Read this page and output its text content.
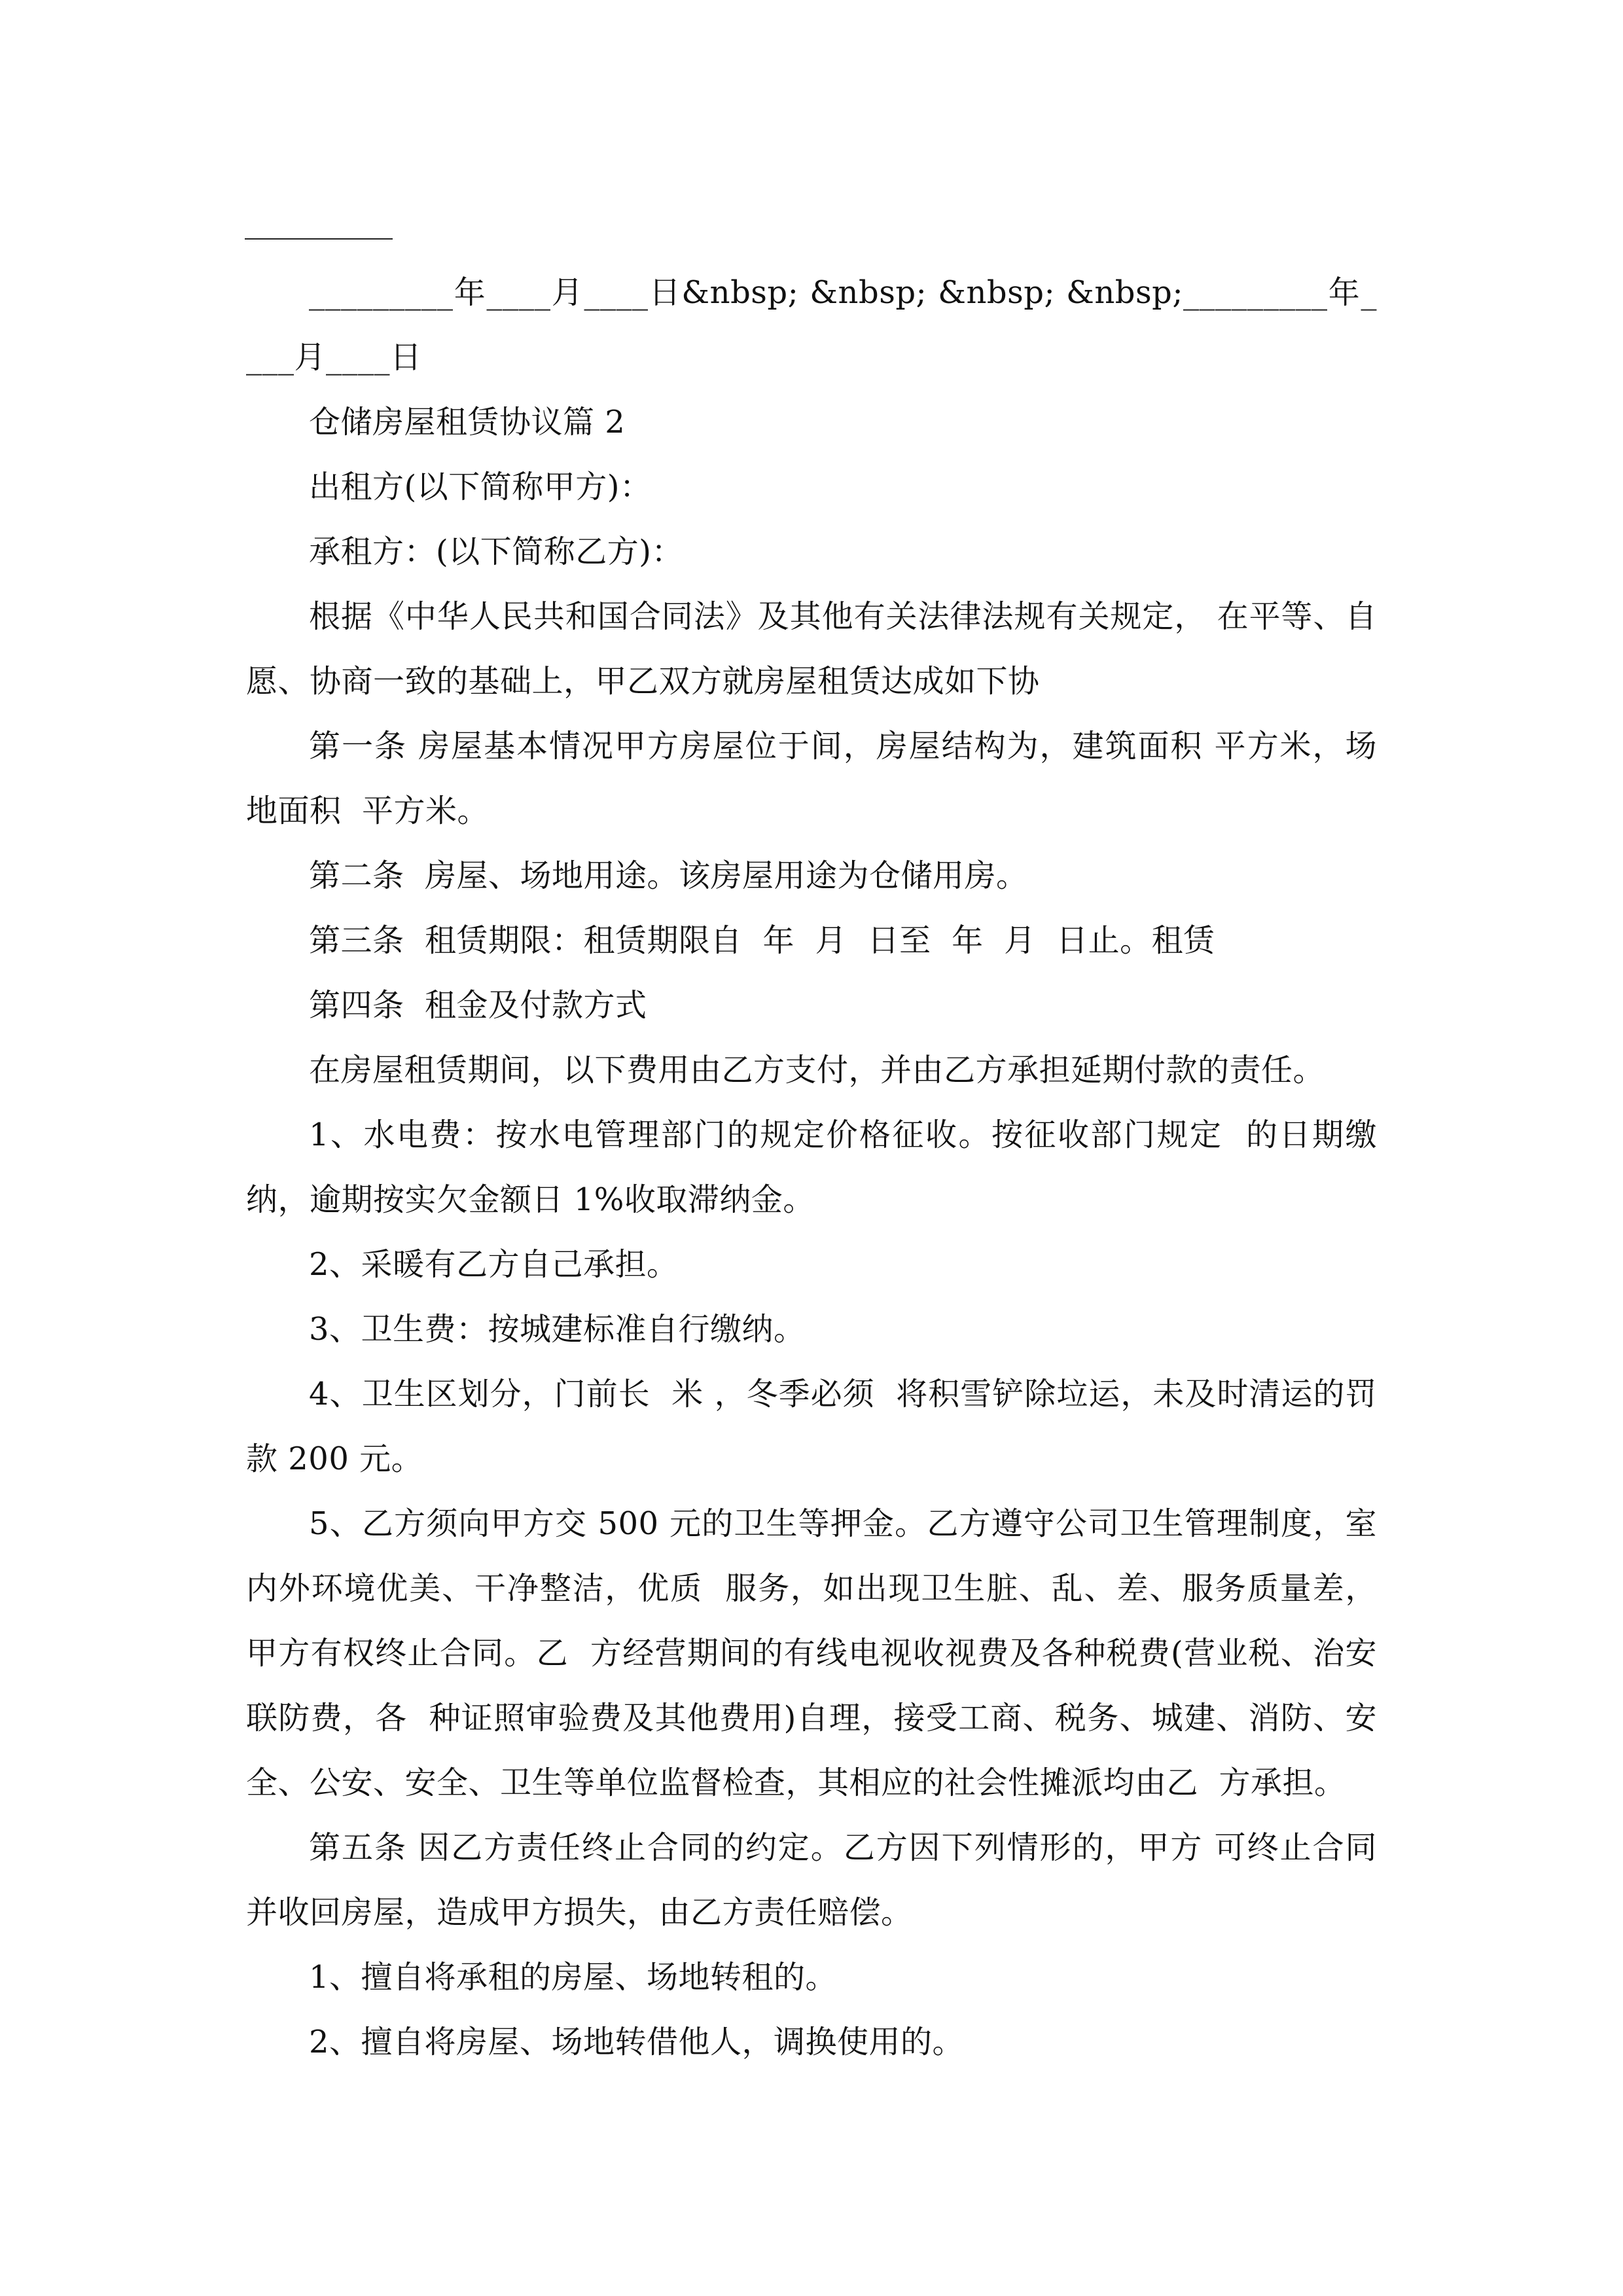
_________年____月____日&nbsp; &nbsp; &nbsp; &nbsp;_________年____月____日

仓储房屋租赁协议篇 2

出租方(以下简称甲方)：

承租方：(以下简称乙方)：

根据《中华人民共和国合同法》及其他有关法律法规有关规定， 在平等、自愿、协商一致的基础上，甲乙双方就房屋租赁达成如下协

第一条 房屋基本情况甲方房屋位于间，房屋结构为，建筑面积 平方米，场地面积  平方米。

第二条  房屋、场地用途。该房屋用途为仓储用房。

第三条  租赁期限：租赁期限自  年  月  日至  年  月  日止。租赁

第四条  租金及付款方式

在房屋租赁期间，以下费用由乙方支付，并由乙方承担延期付款的责任。

1、水电费：按水电管理部门的规定价格征收。按征收部门规定  的日期缴纳，逾期按实欠金额日 1%收取滞纳金。

2、采暖有乙方自己承担。

3、卫生费：按城建标准自行缴纳。

4、卫生区划分，门前长  米 ，冬季必须  将积雪铲除垃运，未及时清运的罚款 200 元。

5、乙方须向甲方交 500 元的卫生等押金。乙方遵守公司卫生管理制度，室内外环境优美、干净整洁，优质  服务，如出现卫生脏、乱、差、服务质量差，甲方有权终止合同。乙  方经营期间的有线电视收视费及各种税费(营业税、治安联防费，各  种证照审验费及其他费用)自理，接受工商、税务、城建、消防、安全、公安、安全、卫生等单位监督检查，其相应的社会性摊派均由乙  方承担。

第五条 因乙方责任终止合同的约定。乙方因下列情形的，甲方 可终止合同并收回房屋，造成甲方损失，由乙方责任赔偿。

1、擅自将承租的房屋、场地转租的。

2、擅自将房屋、场地转借他人，调换使用的。
